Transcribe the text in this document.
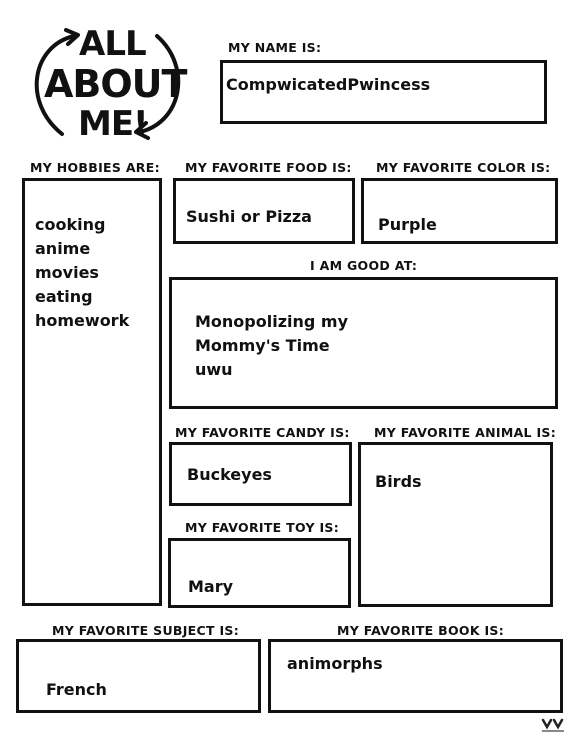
ALL
ABOUT
ME!
MY NAME IS:
CompwicatedPwincess
MY HOBBIES ARE:
cooking
anime
movies
eating
homework
MY FAVORITE FOOD IS:
Sushi or Pizza
MY FAVORITE COLOR IS:
Purple
I AM GOOD AT:
Monopolizing my
Mommy's Time
uwu
MY FAVORITE CANDY IS:
Buckeyes
MY FAVORITE ANIMAL IS:
Birds
MY FAVORITE TOY IS:
Mary
MY FAVORITE SUBJECT IS:
French
MY FAVORITE BOOK IS:
animorphs
